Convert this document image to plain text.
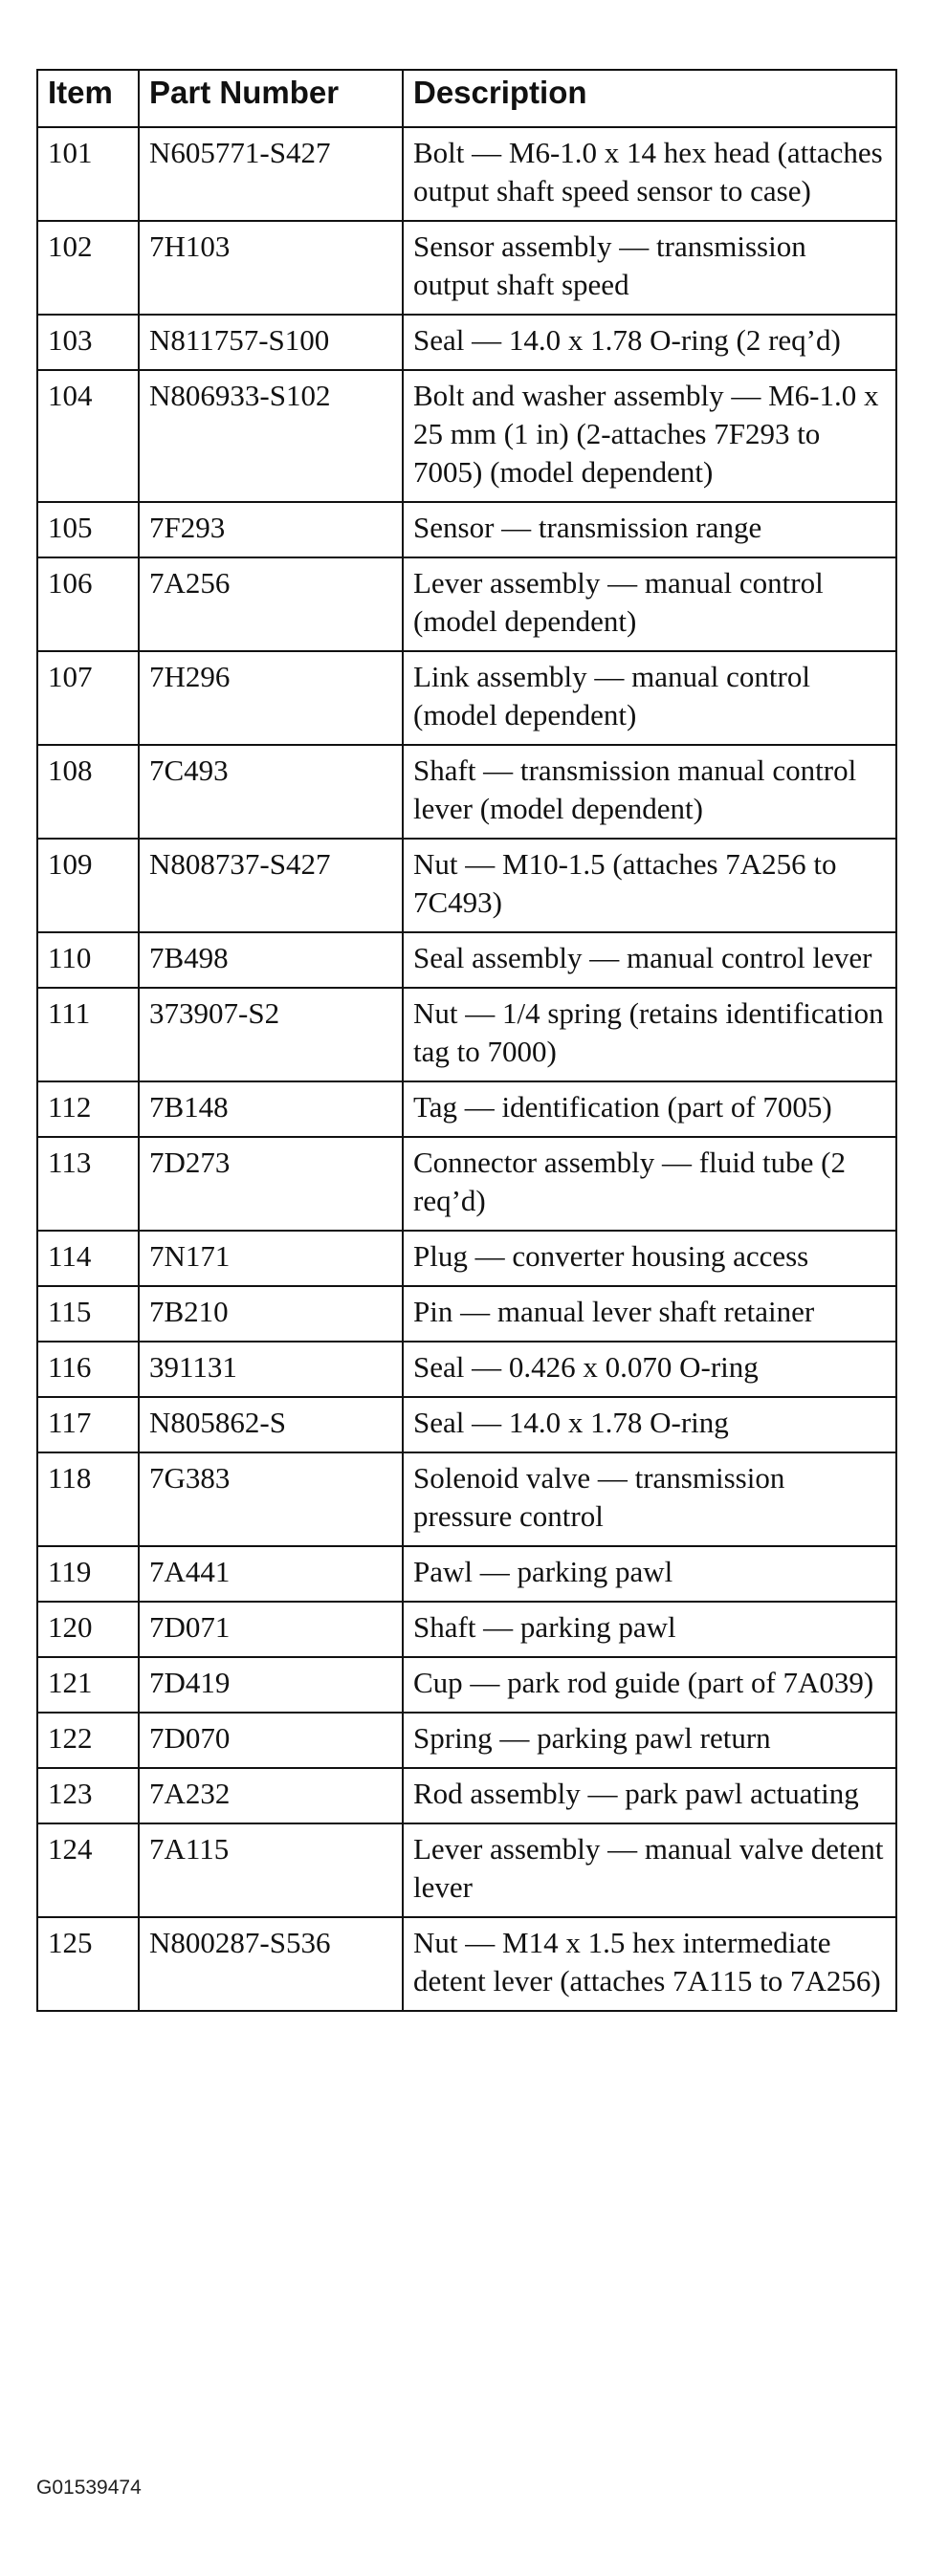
Item	Part Number	Description
101	N605771-S427	Bolt — M6-1.0 x 14 hex head (attaches output shaft speed sensor to case)
102	7H103	Sensor assembly — transmission output shaft speed
103	N811757-S100	Seal — 14.0 x 1.78 O-ring (2 req’d)
104	N806933-S102	Bolt and washer assembly — M6-1.0 x 25 mm (1 in) (2-attaches 7F293 to 7005) (model dependent)
105	7F293	Sensor — transmission range
106	7A256	Lever assembly — manual control (model dependent)
107	7H296	Link assembly — manual control (model dependent)
108	7C493	Shaft — transmission manual control lever (model dependent)
109	N808737-S427	Nut — M10-1.5 (attaches 7A256 to 7C493)
110	7B498	Seal assembly — manual control lever
111	373907-S2	Nut — 1/4 spring (retains identification tag to 7000)
112	7B148	Tag — identification (part of 7005)
113	7D273	Connector assembly — fluid tube (2 req’d)
114	7N171	Plug — converter housing access
115	7B210	Pin — manual lever shaft retainer
116	391131	Seal — 0.426 x 0.070 O-ring
117	N805862-S	Seal — 14.0 x 1.78 O-ring
118	7G383	Solenoid valve — transmission pressure control
119	7A441	Pawl — parking pawl
120	7D071	Shaft — parking pawl
121	7D419	Cup — park rod guide (part of 7A039)
122	7D070	Spring — parking pawl return
123	7A232	Rod assembly — park pawl actuating
124	7A115	Lever assembly — manual valve detent lever
125	N800287-S536	Nut — M14 x 1.5 hex intermediate detent lever (attaches 7A115 to 7A256)
G01539474
